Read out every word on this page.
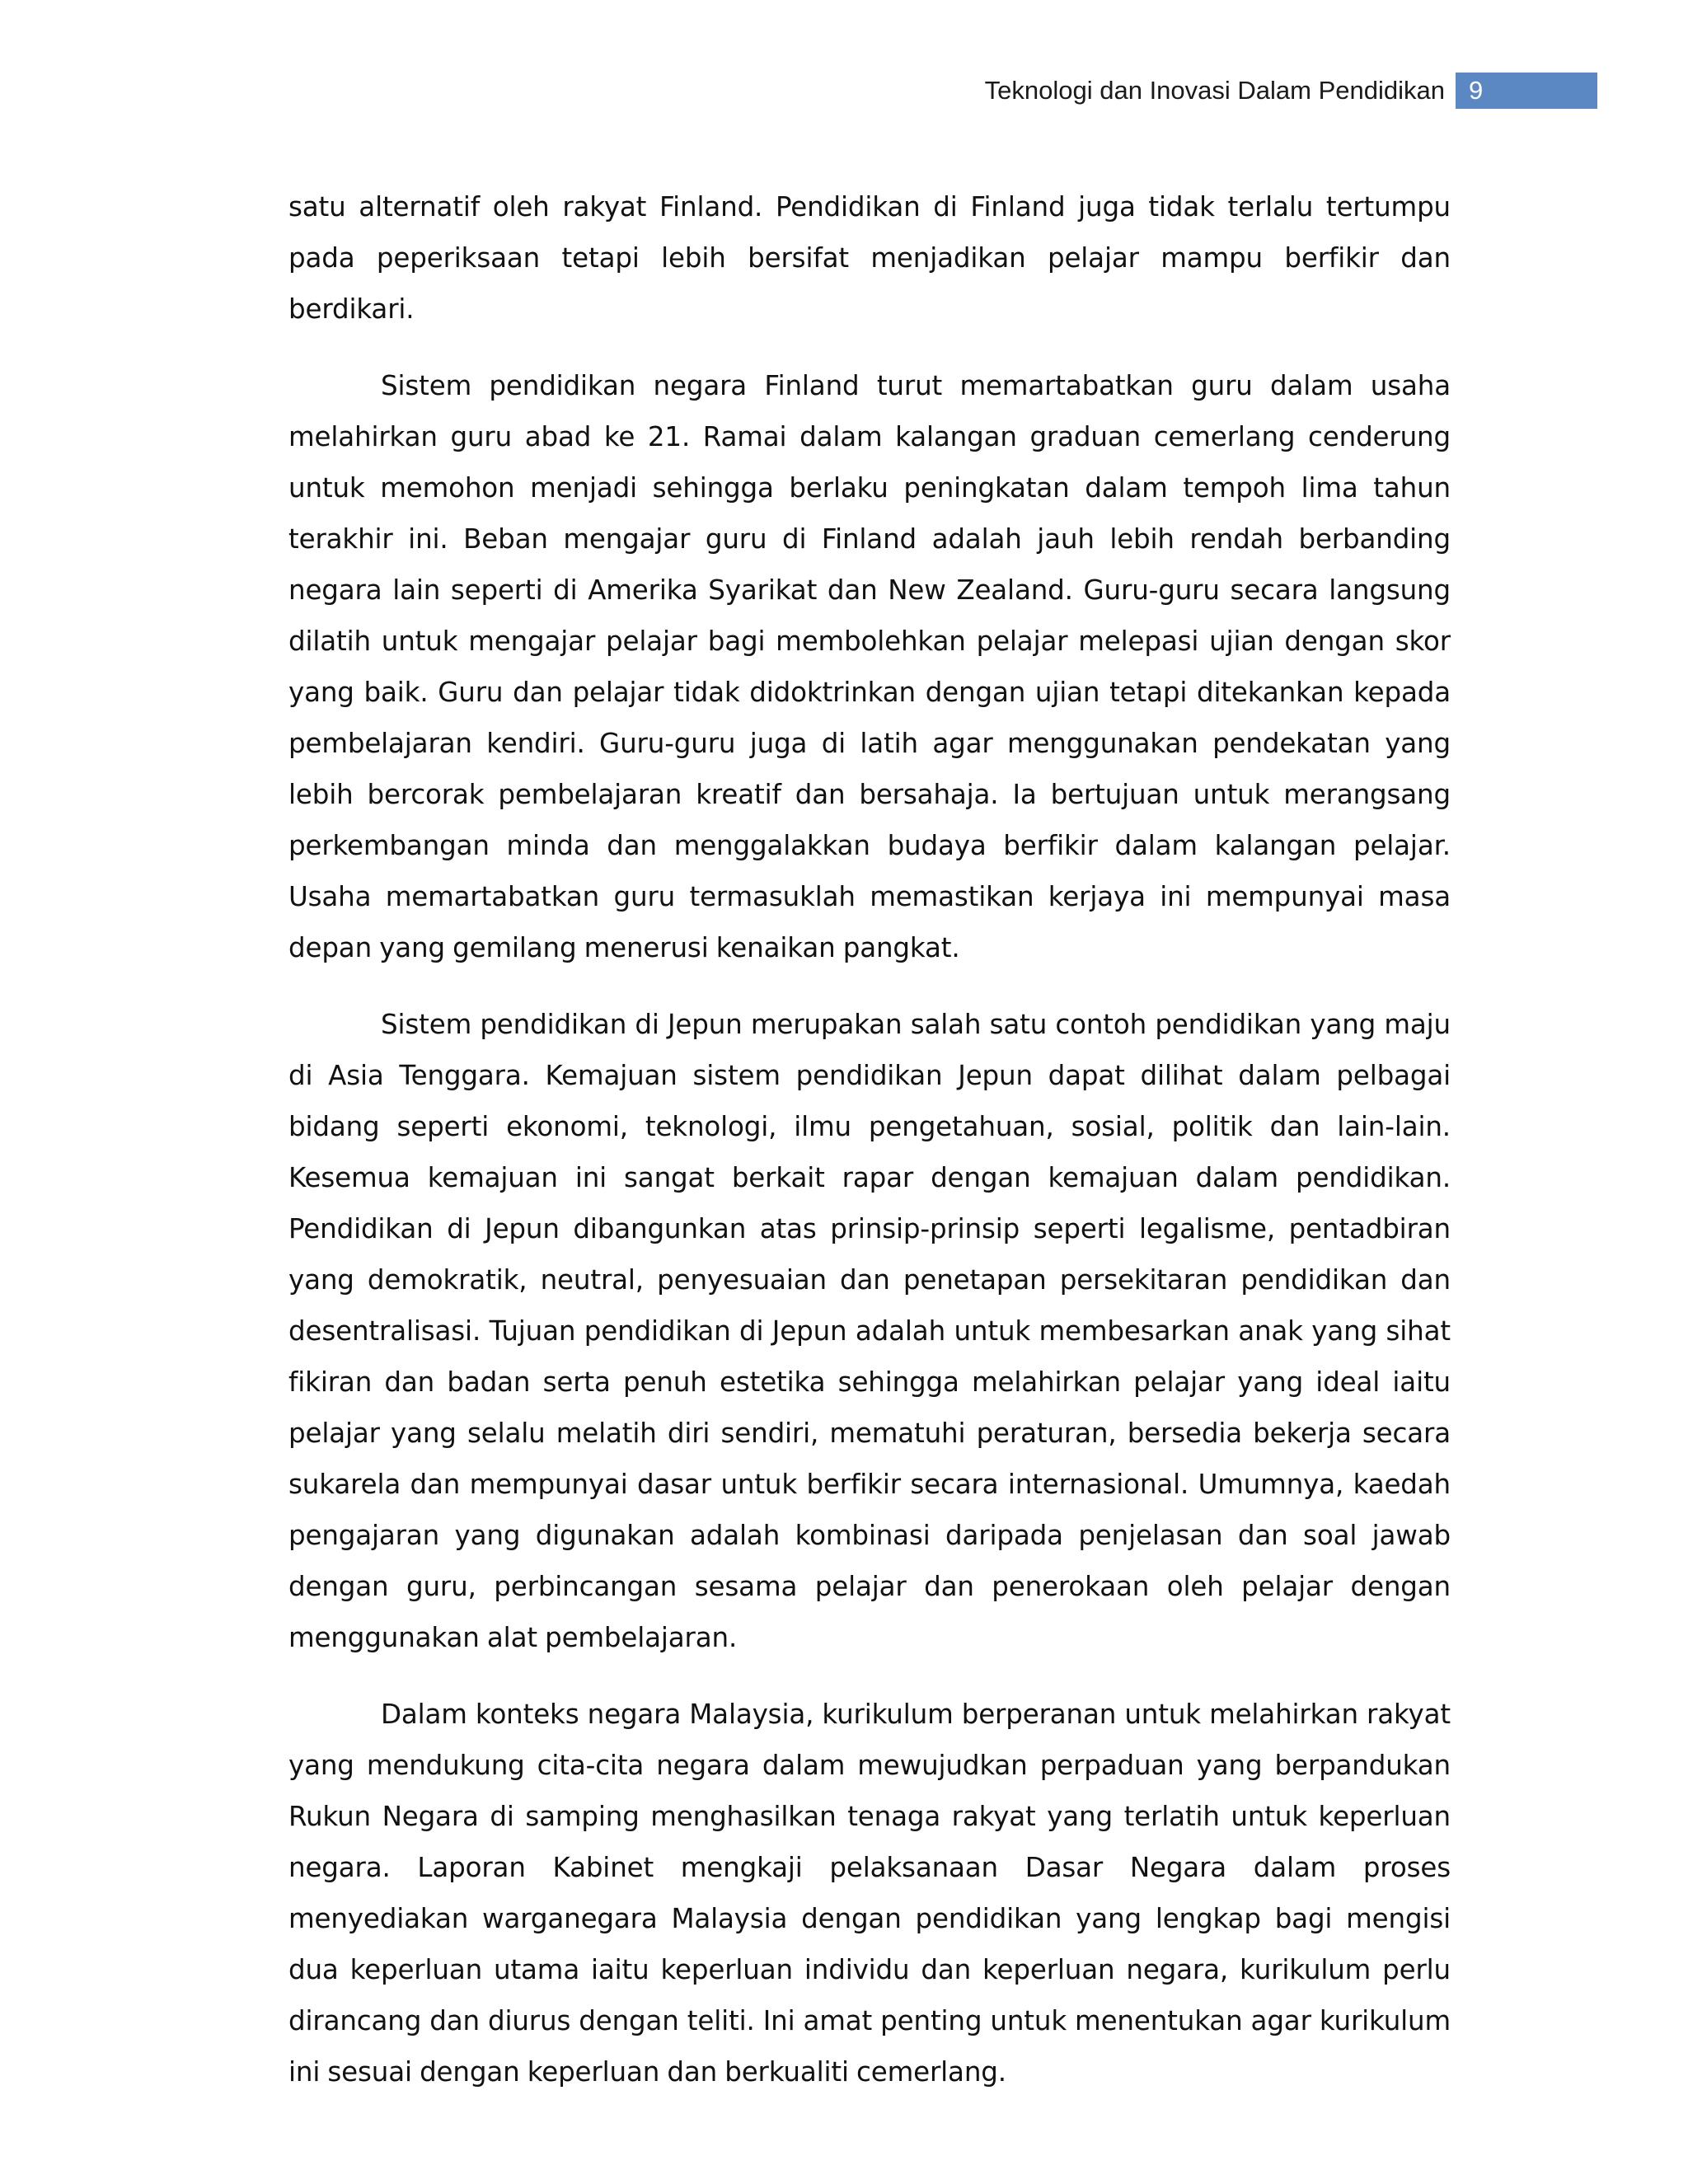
Teknologi dan Inovasi Dalam Pendidikan 9

satu alternatif oleh rakyat Finland. Pendidikan di Finland juga tidak terlalu tertumpu pada peperiksaan tetapi lebih bersifat menjadikan pelajar mampu berfikir dan berdikari.

Sistem pendidikan negara Finland turut memartabatkan guru dalam usaha melahirkan guru abad ke 21. Ramai dalam kalangan graduan cemerlang cenderung untuk memohon menjadi sehingga berlaku peningkatan dalam tempoh lima tahun terakhir ini. Beban mengajar guru di Finland adalah jauh lebih rendah berbanding negara lain seperti di Amerika Syarikat dan New Zealand. Guru-guru secara langsung dilatih untuk mengajar pelajar bagi membolehkan pelajar melepasi ujian dengan skor yang baik. Guru dan pelajar tidak didoktrinkan dengan ujian tetapi ditekankan kepada pembelajaran kendiri. Guru-guru juga di latih agar menggunakan pendekatan yang lebih bercorak pembelajaran kreatif dan bersahaja. Ia bertujuan untuk merangsang perkembangan minda dan menggalakkan budaya berfikir dalam kalangan pelajar. Usaha memartabatkan guru termasuklah memastikan kerjaya ini mempunyai masa depan yang gemilang menerusi kenaikan pangkat.

Sistem pendidikan di Jepun merupakan salah satu contoh pendidikan yang maju di Asia Tenggara. Kemajuan sistem pendidikan Jepun dapat dilihat dalam pelbagai bidang seperti ekonomi, teknologi, ilmu pengetahuan, sosial, politik dan lain-lain. Kesemua kemajuan ini sangat berkait rapar dengan kemajuan dalam pendidikan. Pendidikan di Jepun dibangunkan atas prinsip-prinsip seperti legalisme, pentadbiran yang demokratik, neutral, penyesuaian dan penetapan persekitaran pendidikan dan desentralisasi. Tujuan pendidikan di Jepun adalah untuk membesarkan anak yang sihat fikiran dan badan serta penuh estetika sehingga melahirkan pelajar yang ideal iaitu pelajar yang selalu melatih diri sendiri, mematuhi peraturan, bersedia bekerja secara sukarela dan mempunyai dasar untuk berfikir secara internasional. Umumnya, kaedah pengajaran yang digunakan adalah kombinasi daripada penjelasan dan soal jawab dengan guru, perbincangan sesama pelajar dan penerokaan oleh pelajar dengan menggunakan alat pembelajaran.

Dalam konteks negara Malaysia, kurikulum berperanan untuk melahirkan rakyat yang mendukung cita-cita negara dalam mewujudkan perpaduan yang berpandukan Rukun Negara di samping menghasilkan tenaga rakyat yang terlatih untuk keperluan negara. Laporan Kabinet mengkaji pelaksanaan Dasar Negara dalam proses menyediakan warganegara Malaysia dengan pendidikan yang lengkap bagi mengisi dua keperluan utama iaitu keperluan individu dan keperluan negara, kurikulum perlu dirancang dan diurus dengan teliti. Ini amat penting untuk menentukan agar kurikulum ini sesuai dengan keperluan dan berkualiti cemerlang.
